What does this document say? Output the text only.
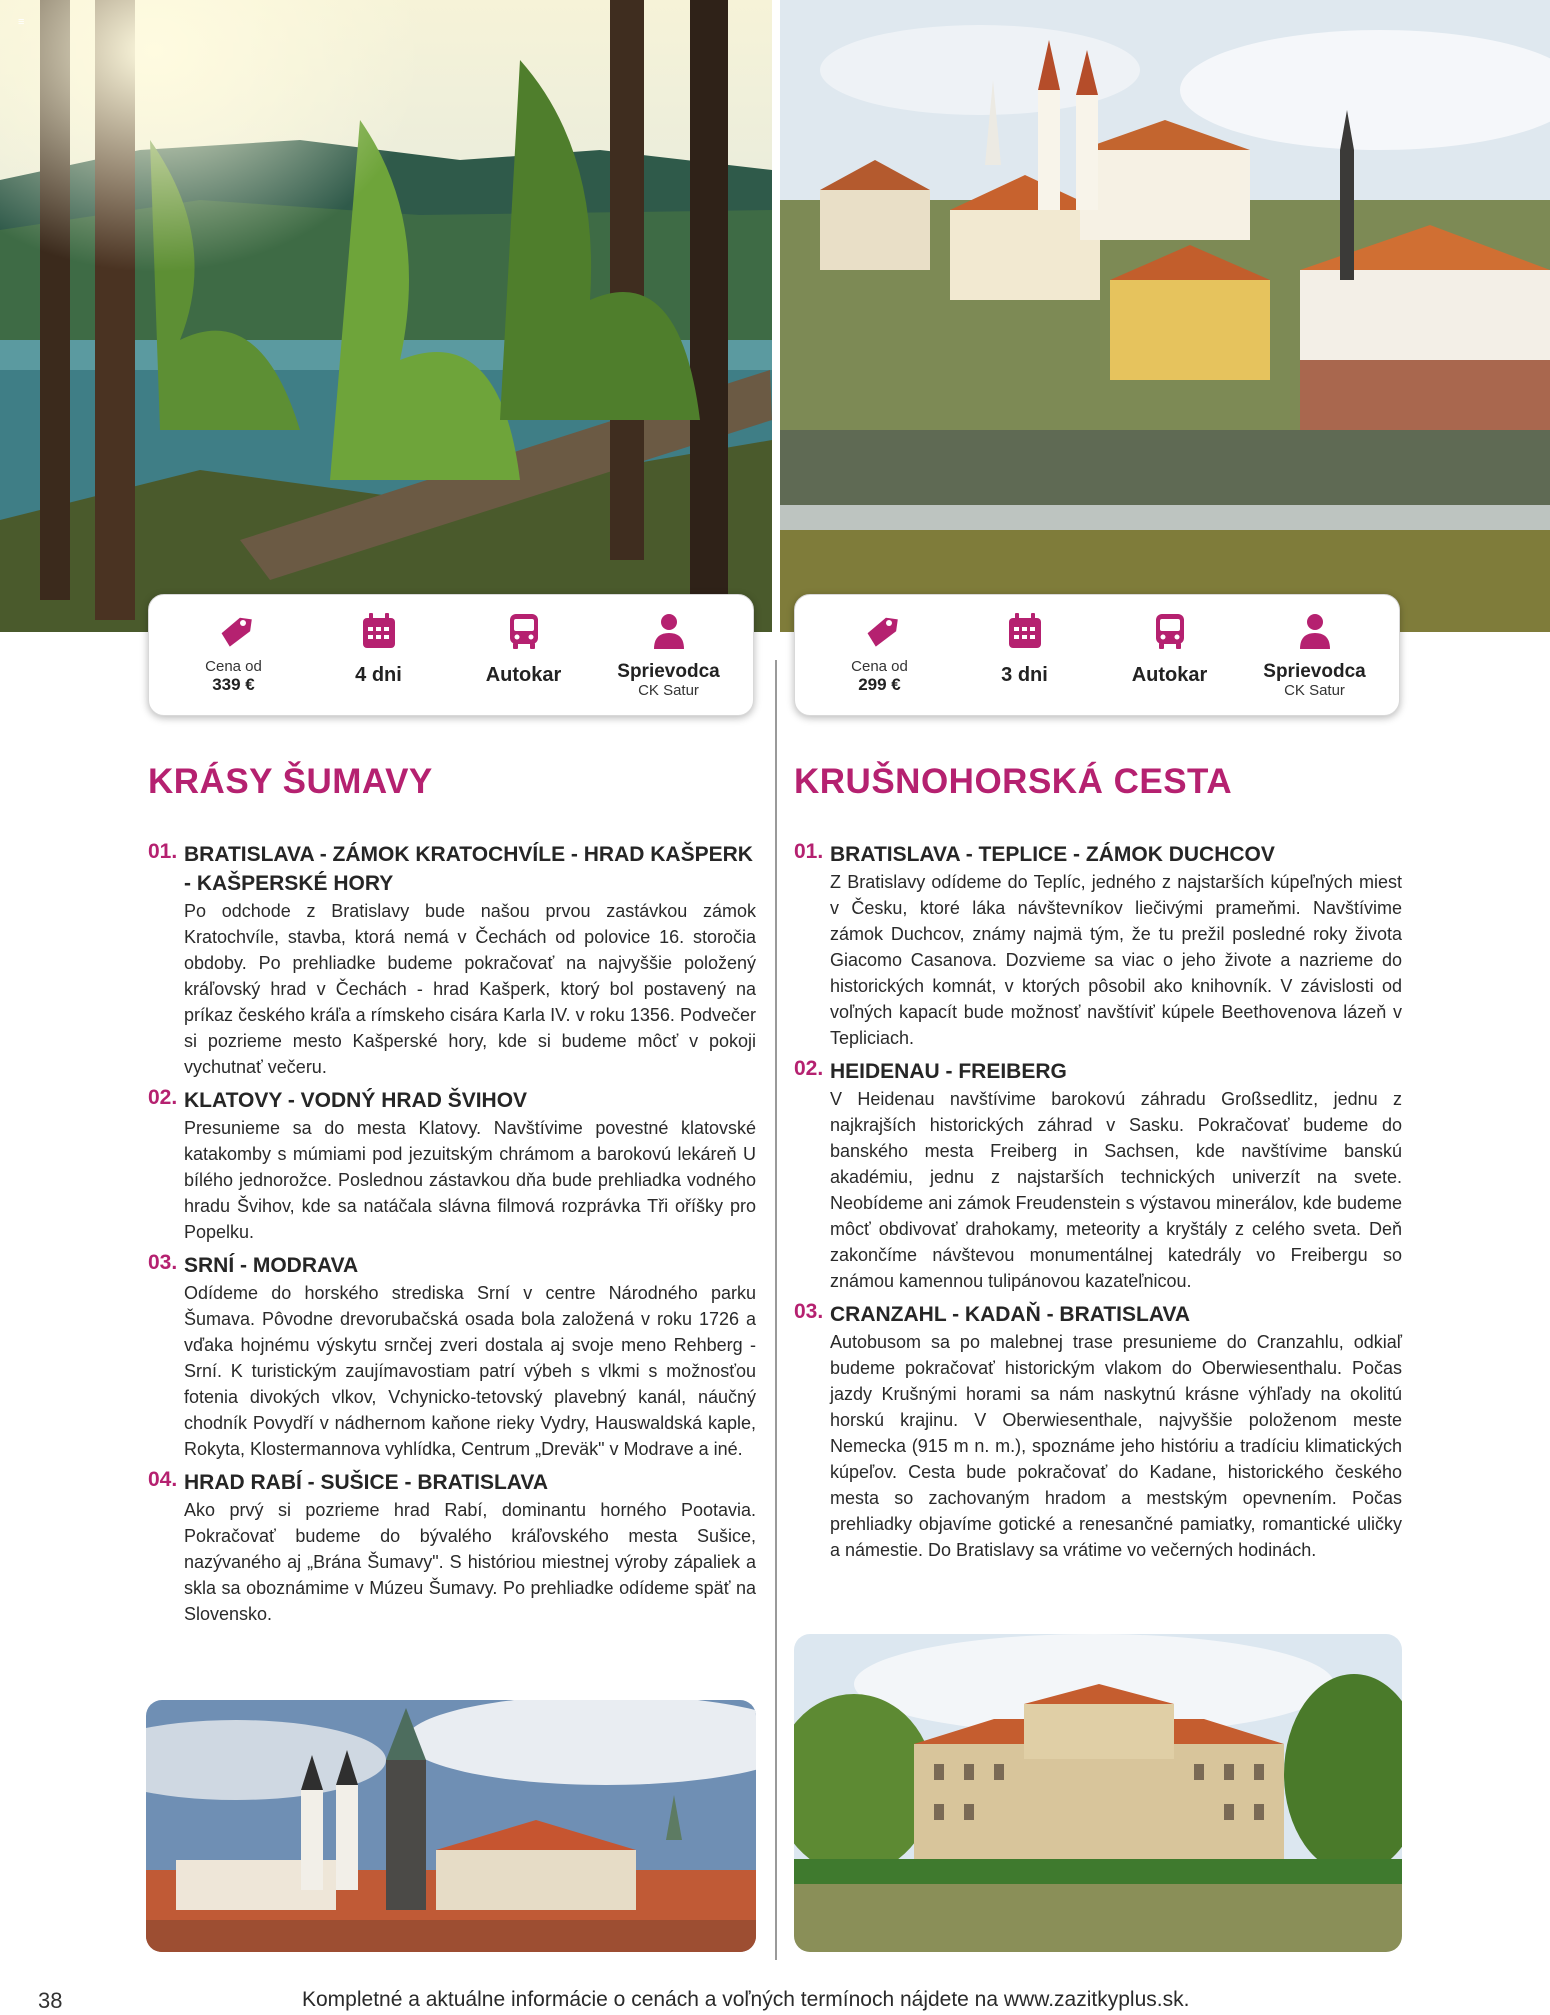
≡
Cena od
339 €	4 dni	Autokar	Sprievodca
CK Satur
Cena od
299 €	3 dni	Autokar	Sprievodca
CK Satur
KRÁSY ŠUMAVY	KRUŠNOHORSKÁ CESTA
01. BRATISLAVA - ZÁMOK KRATOCHVÍLE - HRAD KAŠPERK - KAŠPERSKÉ HORY
Po odchode z Bratislavy bude našou prvou zastávkou zámok Kratochvíle, stavba, ktorá nemá v Čechách od polovice 16. storočia obdoby. Po prehliadke budeme pokračovať na najvyššie položený kráľovský hrad v Čechách - hrad Kašperk, ktorý bol postavený na príkaz českého kráľa a rímskeho cisára Karla IV. v roku 1356. Podvečer si pozrieme mesto Kašperské hory, kde si budeme môcť v pokoji vychutnať večeru.
02. KLATOVY - VODNÝ HRAD ŠVIHOV
Presunieme sa do mesta Klatovy. Navštívime povestné klatovské katakomby s múmiami pod jezuitským chrámom a barokovú lekáreň U bílého jednorožce. Poslednou zástavkou dňa bude prehliadka vodného hradu Švihov, kde sa natáčala slávna filmová rozprávka Tři oříšky pro Popelku.
03. SRNÍ - MODRAVA
Odídeme do horského strediska Srní v centre Národného parku Šumava. Pôvodne drevorubačská osada bola založená v roku 1726 a vďaka hojnému výskytu srnčej zveri dostala aj svoje meno Rehberg - Srní. K turistickým zaujímavostiam patrí výbeh s vlkmi s možnosťou fotenia divokých vlkov, Vchynicko-tetovský plavebný kanál, náučný chodník Povydří v nádhernom kaňone rieky Vydry, Hauswaldská kaple, Rokyta, Klostermannova vyhlídka, Centrum „Dreväk" v Modrave a iné.
04. HRAD RABÍ - SUŠICE - BRATISLAVA
Ako prvý si pozrieme hrad Rabí, dominantu horného Pootavia. Pokračovať budeme do bývalého kráľovského mesta Sušice, nazývaného aj „Brána Šumavy". S históriou miestnej výroby zápaliek a skla sa oboznámime v Múzeu Šumavy. Po prehliadke odídeme späť na Slovensko.
01. BRATISLAVA - TEPLICE - ZÁMOK DUCHCOV
Z Bratislavy odídeme do Teplíc, jedného z najstarších kúpeľných miest v Česku, ktoré láka návštevníkov liečivými prameňmi. Navštívime zámok Duchcov, známy najmä tým, že tu prežil posledné roky života Giacomo Casanova. Dozvieme sa viac o jeho živote a nazrieme do historických komnát, v ktorých pôsobil ako knihovník. V závislosti od voľných kapacít bude možnosť navštíviť kúpele Beethovenova lázeň v Tepliciach.
02. HEIDENAU - FREIBERG
V Heidenau navštívime barokovú záhradu Großsedlitz, jednu z najkrajších historických záhrad v Sasku. Pokračovať budeme do banského mesta Freiberg in Sachsen, kde navštívime banskú akadémiu, jednu z najstarších technických univerzít na svete. Neobídeme ani zámok Freudenstein s výstavou minerálov, kde budeme môcť obdivovať drahokamy, meteority a kryštály z celého sveta. Deň zakončíme návštevou monumentálnej katedrály vo Freibergu so známou kamennou tulipánovou kazateľnicou.
03. CRANZAHL - KADAŇ - BRATISLAVA
Autobusom sa po malebnej trase presunieme do Cranzahlu, odkiaľ budeme pokračovať historickým vlakom do Oberwiesenthalu. Počas jazdy Krušnými horami sa nám naskytnú krásne výhľady na okolitú horskú krajinu. V Oberwiesenthale, najvyššie položenom meste Nemecka (915 m n. m.), spoznáme jeho históriu a tradíciu klimatických kúpeľov. Cesta bude pokračovať do Kadane, historického českého mesta so zachovaným hradom a mestským opevnením. Počas prehliadky objavíme gotické a renesančné pamiatky, romantické uličky a námestie. Do Bratislavy sa vrátime vo večerných hodinách.
38	Kompletné a aktuálne informácie o cenách a voľných termínoch nájdete na www.zazitkyplus.sk.
